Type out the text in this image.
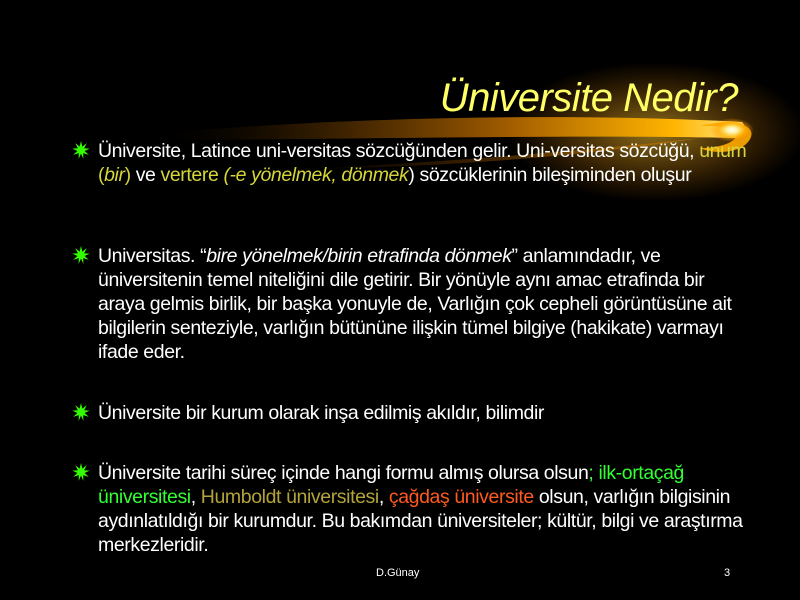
Üniversite Nedir?

Üniversite, Latince uni-versitas sözcüğünden gelir. Uni-versitas sözcüğü, unum (bir) ve vertere (-e yönelmek, dönmek) sözcüklerinin bileşiminden oluşur

Universitas. “bire yönelmek/birin etrafinda dönmek” anlamındadır, ve üniversitenin temel niteliğini dile getirir. Bir yönüyle aynı amac etrafinda bir araya gelmis birlik, bir başka yonuyle de, Varlığın çok cepheli görüntüsüne ait bilgilerin senteziyle, varlığın bütününe ilişkin tümel bilgiye (hakikate) varmayı ifade eder.

Üniversite bir kurum olarak inşa edilmiş akıldır, bilimdir

Üniversite tarihi süreç içinde hangi formu almış olursa olsun; ilk-ortaçağ üniversitesi, Humboldt üniversitesi, çağdaş üniversite olsun, varlığın bilgisinin aydınlatıldığı bir kurumdur. Bu bakımdan üniversiteler; kültür, bilgi ve araştırma merkezleridir.

D.Günay	3
